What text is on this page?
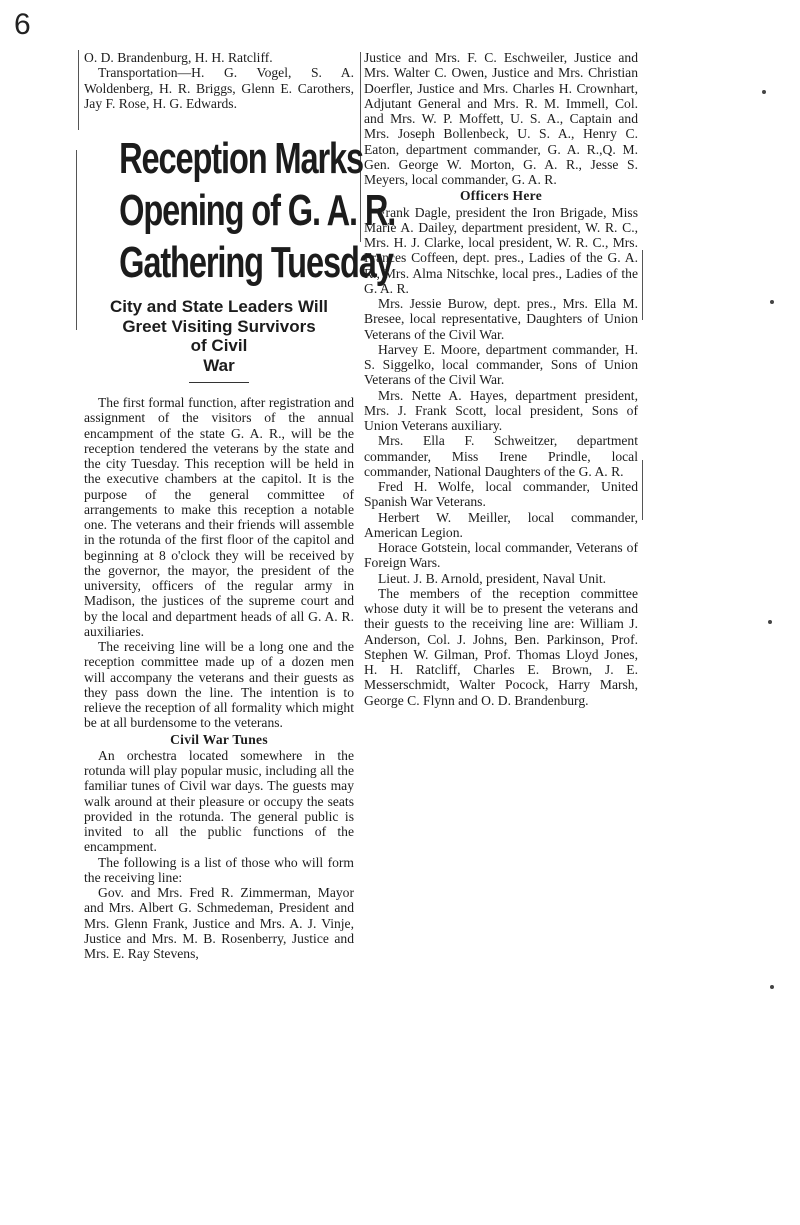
6

O. D. Brandenburg, H. H. Ratcliff.

Transportation—H. G. Vogel, S. A. Woldenberg, H. R. Briggs, Glenn E. Carothers, Jay F. Rose, H. G. Edwards.

Reception Marks
Opening of G. A. R.
Gathering Tuesday
City and State Leaders Will
Greet Visiting Survivors
of Civil
War

The first formal function, after registration and assignment of the visitors of the annual encampment of the state G. A. R., will be the reception tendered the veterans by the state and the city Tuesday. This reception will be held in the executive chambers at the capitol. It is the purpose of the general committee of arrangements to make this reception a notable one. The veterans and their friends will assemble in the rotunda of the first floor of the capitol and beginning at 8 o'clock they will be received by the governor, the mayor, the president of the university, officers of the regular army in Madison, the justices of the supreme court and by the local and department heads of all G. A. R. auxiliaries.

The receiving line will be a long one and the reception committee made up of a dozen men will accompany the veterans and their guests as they pass down the line. The intention is to relieve the reception of all formality which might be at all burdensome to the veterans.

Civil War Tunes

An orchestra located somewhere in the rotunda will play popular music, including all the familiar tunes of Civil war days. The guests may walk around at their pleasure or occupy the seats provided in the rotunda. The general public is invited to all the public functions of the encampment.

The following is a list of those who will form the receiving line:

Gov. and Mrs. Fred R. Zimmerman, Mayor and Mrs. Albert G. Schmedeman, President and Mrs. Glenn Frank, Justice and Mrs. A. J. Vinje, Justice and Mrs. M. B. Rosenberry, Justice and Mrs. E. Ray Stevens,

Justice and Mrs. F. C. Eschweiler, Justice and Mrs. Walter C. Owen, Justice and Mrs. Christian Doerfler, Justice and Mrs. Charles H. Crownhart, Adjutant General and Mrs. R. M. Immell, Col. and Mrs. W. P. Moffett, U. S. A., Captain and Mrs. Joseph Bollenbeck, U. S. A., Henry C. Eaton, department commander, G. A. R.,Q. M. Gen. George W. Morton, G. A. R., Jesse S. Meyers, local commander, G. A. R.

Officers Here

Frank Dagle, president the Iron Brigade, Miss Marie A. Dailey, department president, W. R. C., Mrs. H. J. Clarke, local president, W. R. C., Mrs. Frances Coffeen, dept. pres., Ladies of the G. A. R., Mrs. Alma Nitschke, local pres., Ladies of the G. A. R.

Mrs. Jessie Burow, dept. pres., Mrs. Ella M. Bresee, local representative, Daughters of Union Veterans of the Civil War.

Harvey E. Moore, department commander, H. S. Siggelko, local commander, Sons of Union Veterans of the Civil War.

Mrs. Nette A. Hayes, department president, Mrs. J. Frank Scott, local president, Sons of Union Veterans auxiliary.

Mrs. Ella F. Schweitzer, department commander, Miss Irene Prindle, local commander, National Daughters of the G. A. R.

Fred H. Wolfe, local commander, United Spanish War Veterans.

Herbert W. Meiller, local commander, American Legion.

Horace Gotstein, local commander, Veterans of Foreign Wars.

Lieut. J. B. Arnold, president, Naval Unit.

The members of the reception committee whose duty it will be to present the veterans and their guests to the receiving line are: William J. Anderson, Col. J. Johns, Ben. Parkinson, Prof. Stephen W. Gilman, Prof. Thomas Lloyd Jones, H. H. Ratcliff, Charles E. Brown, J. E. Messerschmidt, Walter Pocock, Harry Marsh, George C. Flynn and O. D. Brandenburg.
